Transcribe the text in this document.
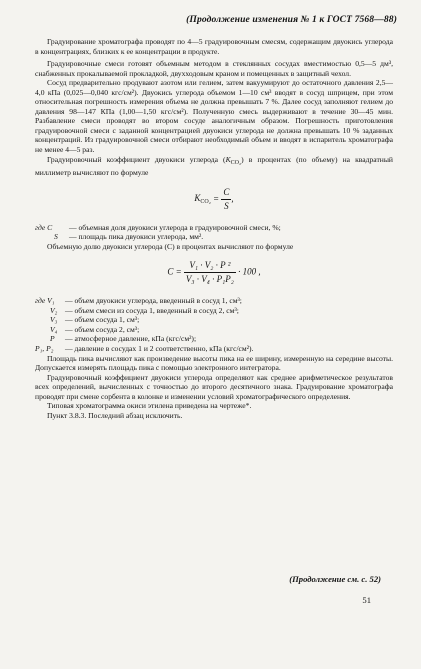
(Продолжение изменения № 1 к ГОСТ 7568—88)

Градуирование хроматографа проводят по 4—5 градуировочным смесям, содержащим двуокись углерода в концентрациях, близких к ее концентрации в продукте.

Градуировочные смеси готовят объемным методом в стеклянных сосудах вместимостью 0,5—5 дм³, снабженных прокалываемой прокладкой, двухходовым краном и помещенных в защитный чехол.

Сосуд предварительно продувают азотом или гелием, затем вакуумируют до остаточного давления 2,5—4,0 кПа (0,025—0,040 кгс/см²). Двуокись углерода объемом 1—10 см³ вводят в сосуд шприцем, при этом относительная погрешность измерения объема не должна превышать 7 %. Далее сосуд заполняют гелием до давления 98—147 КПа (1,00—1,50 кгс/см²). Полученную смесь выдерживают в течение 30—45 мин. Разбавление смеси проводят во втором сосуде аналогичным образом. Погрешность приготовления градуировочной смеси с заданной концентрацией двуокиси углерода не должна превышать 10 % заданных концентраций. Из градуировочной смеси отбирают необходимый объем и вводят в испаритель хроматографа не менее 4—5 раз.

Градуировочный коэффициент двуокиси углерода $(K_{CO_2})$ в процентах (по объему) на квадратный миллиметр вычисляют по формуле

$K_{CO_2} = \frac{C}{S}$ ,
где C	— объемная доля двуокиси углерода в градуировочной смеси, %;
S	— площадь пика двуокиси углерода, мм².

Объемную долю двуокиси углерода (С) в процентах вычисляют по формуле

$C = \frac{\text{V₁ · V₂ · P ²}}{\text{V₃ · V₄ · P₁P₂}} \cdot 100$ ,
где V₁	— объем двуокиси углерода, введенный в сосуд 1, см³;
V₂	— объем смеси из сосуда 1, введенный в сосуд 2, см³;
V₃	— объем сосуда 1, см³;
V₄	— объем сосуда 2, см³;
P	— атмосферное давление, кПа (кгс/см²);
P₁, P₂	— давление в сосудах 1 и 2 соответственно, кПа (кгс/см²).

Площадь пика вычисляют как произведение высоты пика на ее ширину, измеренную на середине высоты. Допускается измерять площадь пика с помощью электронного интегратора.

Градуировочный коэффициент двуокиси углерода определяют как среднее арифметическое результатов всех определений, вычисленных с точностью до второго десятичного знака. Градуирование хроматографа проводят при смене сорбента в колонке и изменении условий хроматографического определения.

Типовая хроматограмма окиси этилена приведена на чертеже*.

Пункт 3.8.3. Последний абзац исключить.

(Продолжение см. с. 52)
51
